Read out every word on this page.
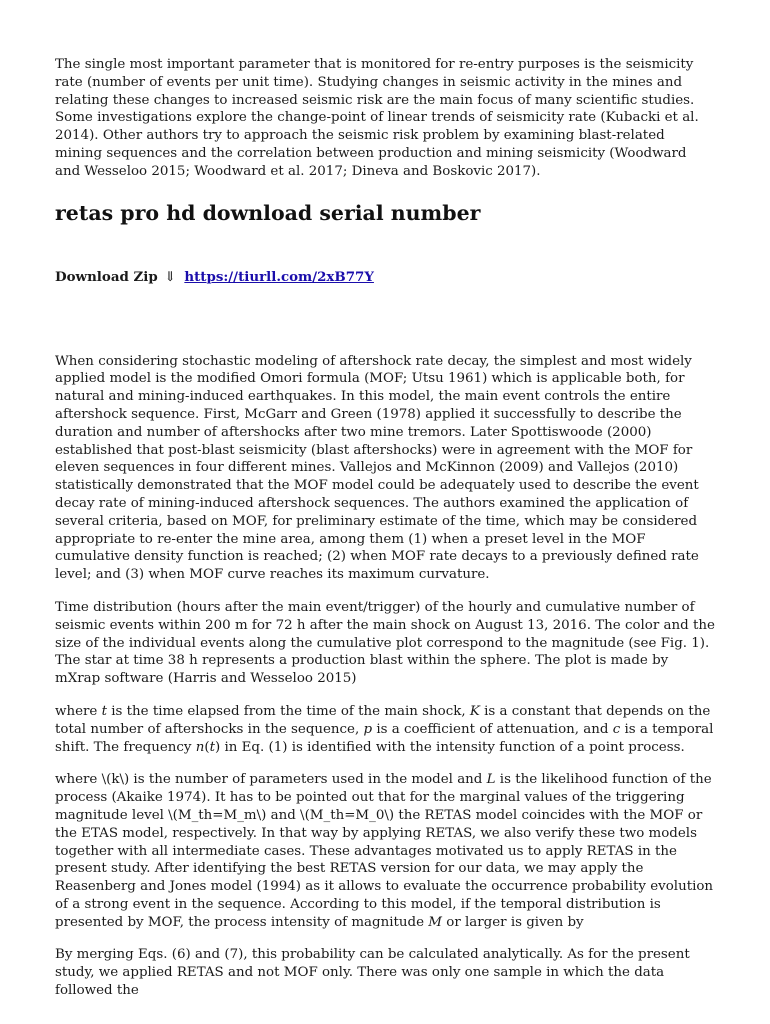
The single most important parameter that is monitored for re-entry purposes is the seismicity rate (number of events per unit time). Studying changes in seismic activity in the mines and relating these changes to increased seismic risk are the main focus of many scientific studies. Some investigations explore the change-point of linear trends of seismicity rate (Kubacki et al. 2014). Other authors try to approach the seismic risk problem by examining blast-related mining sequences and the correlation between production and mining seismicity (Woodward and Wesseloo 2015; Woodward et al. 2017; Dineva and Boskovic 2017).

retas pro hd download serial number
Download Zip ⇓ https://tiurll.com/2xB77Y

When considering stochastic modeling of aftershock rate decay, the simplest and most widely applied model is the modified Omori formula (MOF; Utsu 1961) which is applicable both, for natural and mining-induced earthquakes. In this model, the main event controls the entire aftershock sequence. First, McGarr and Green (1978) applied it successfully to describe the duration and number of aftershocks after two mine tremors. Later Spottiswoode (2000) established that post-blast seismicity (blast aftershocks) were in agreement with the MOF for eleven sequences in four different mines. Vallejos and McKinnon (2009) and Vallejos (2010) statistically demonstrated that the MOF model could be adequately used to describe the event decay rate of mining-induced aftershock sequences. The authors examined the application of several criteria, based on MOF, for preliminary estimate of the time, which may be considered appropriate to re-enter the mine area, among them (1) when a preset level in the MOF cumulative density function is reached; (2) when MOF rate decays to a previously defined rate level; and (3) when MOF curve reaches its maximum curvature.

Time distribution (hours after the main event/trigger) of the hourly and cumulative number of seismic events within 200 m for 72 h after the main shock on August 13, 2016. The color and the size of the individual events along the cumulative plot correspond to the magnitude (see Fig. 1). The star at time 38 h represents a production blast within the sphere. The plot is made by mXrap software (Harris and Wesseloo 2015)

where t is the time elapsed from the time of the main shock, K is a constant that depends on the total number of aftershocks in the sequence, p is a coefficient of attenuation, and c is a temporal shift. The frequency n(t) in Eq. (1) is identified with the intensity function of a point process.

where \(k\) is the number of parameters used in the model and L is the likelihood function of the process (Akaike 1974). It has to be pointed out that for the marginal values of the triggering magnitude level \(M_th=M_m\) and \(M_th=M_0\) the RETAS model coincides with the MOF or the ETAS model, respectively. In that way by applying RETAS, we also verify these two models together with all intermediate cases. These advantages motivated us to apply RETAS in the present study. After identifying the best RETAS version for our data, we may apply the Reasenberg and Jones model (1994) as it allows to evaluate the occurrence probability evolution of a strong event in the sequence. According to this model, if the temporal distribution is presented by MOF, the process intensity of magnitude M or larger is given by

By merging Eqs. (6) and (7), this probability can be calculated analytically. As for the present study, we applied RETAS and not MOF only. There was only one sample in which the data followed the
